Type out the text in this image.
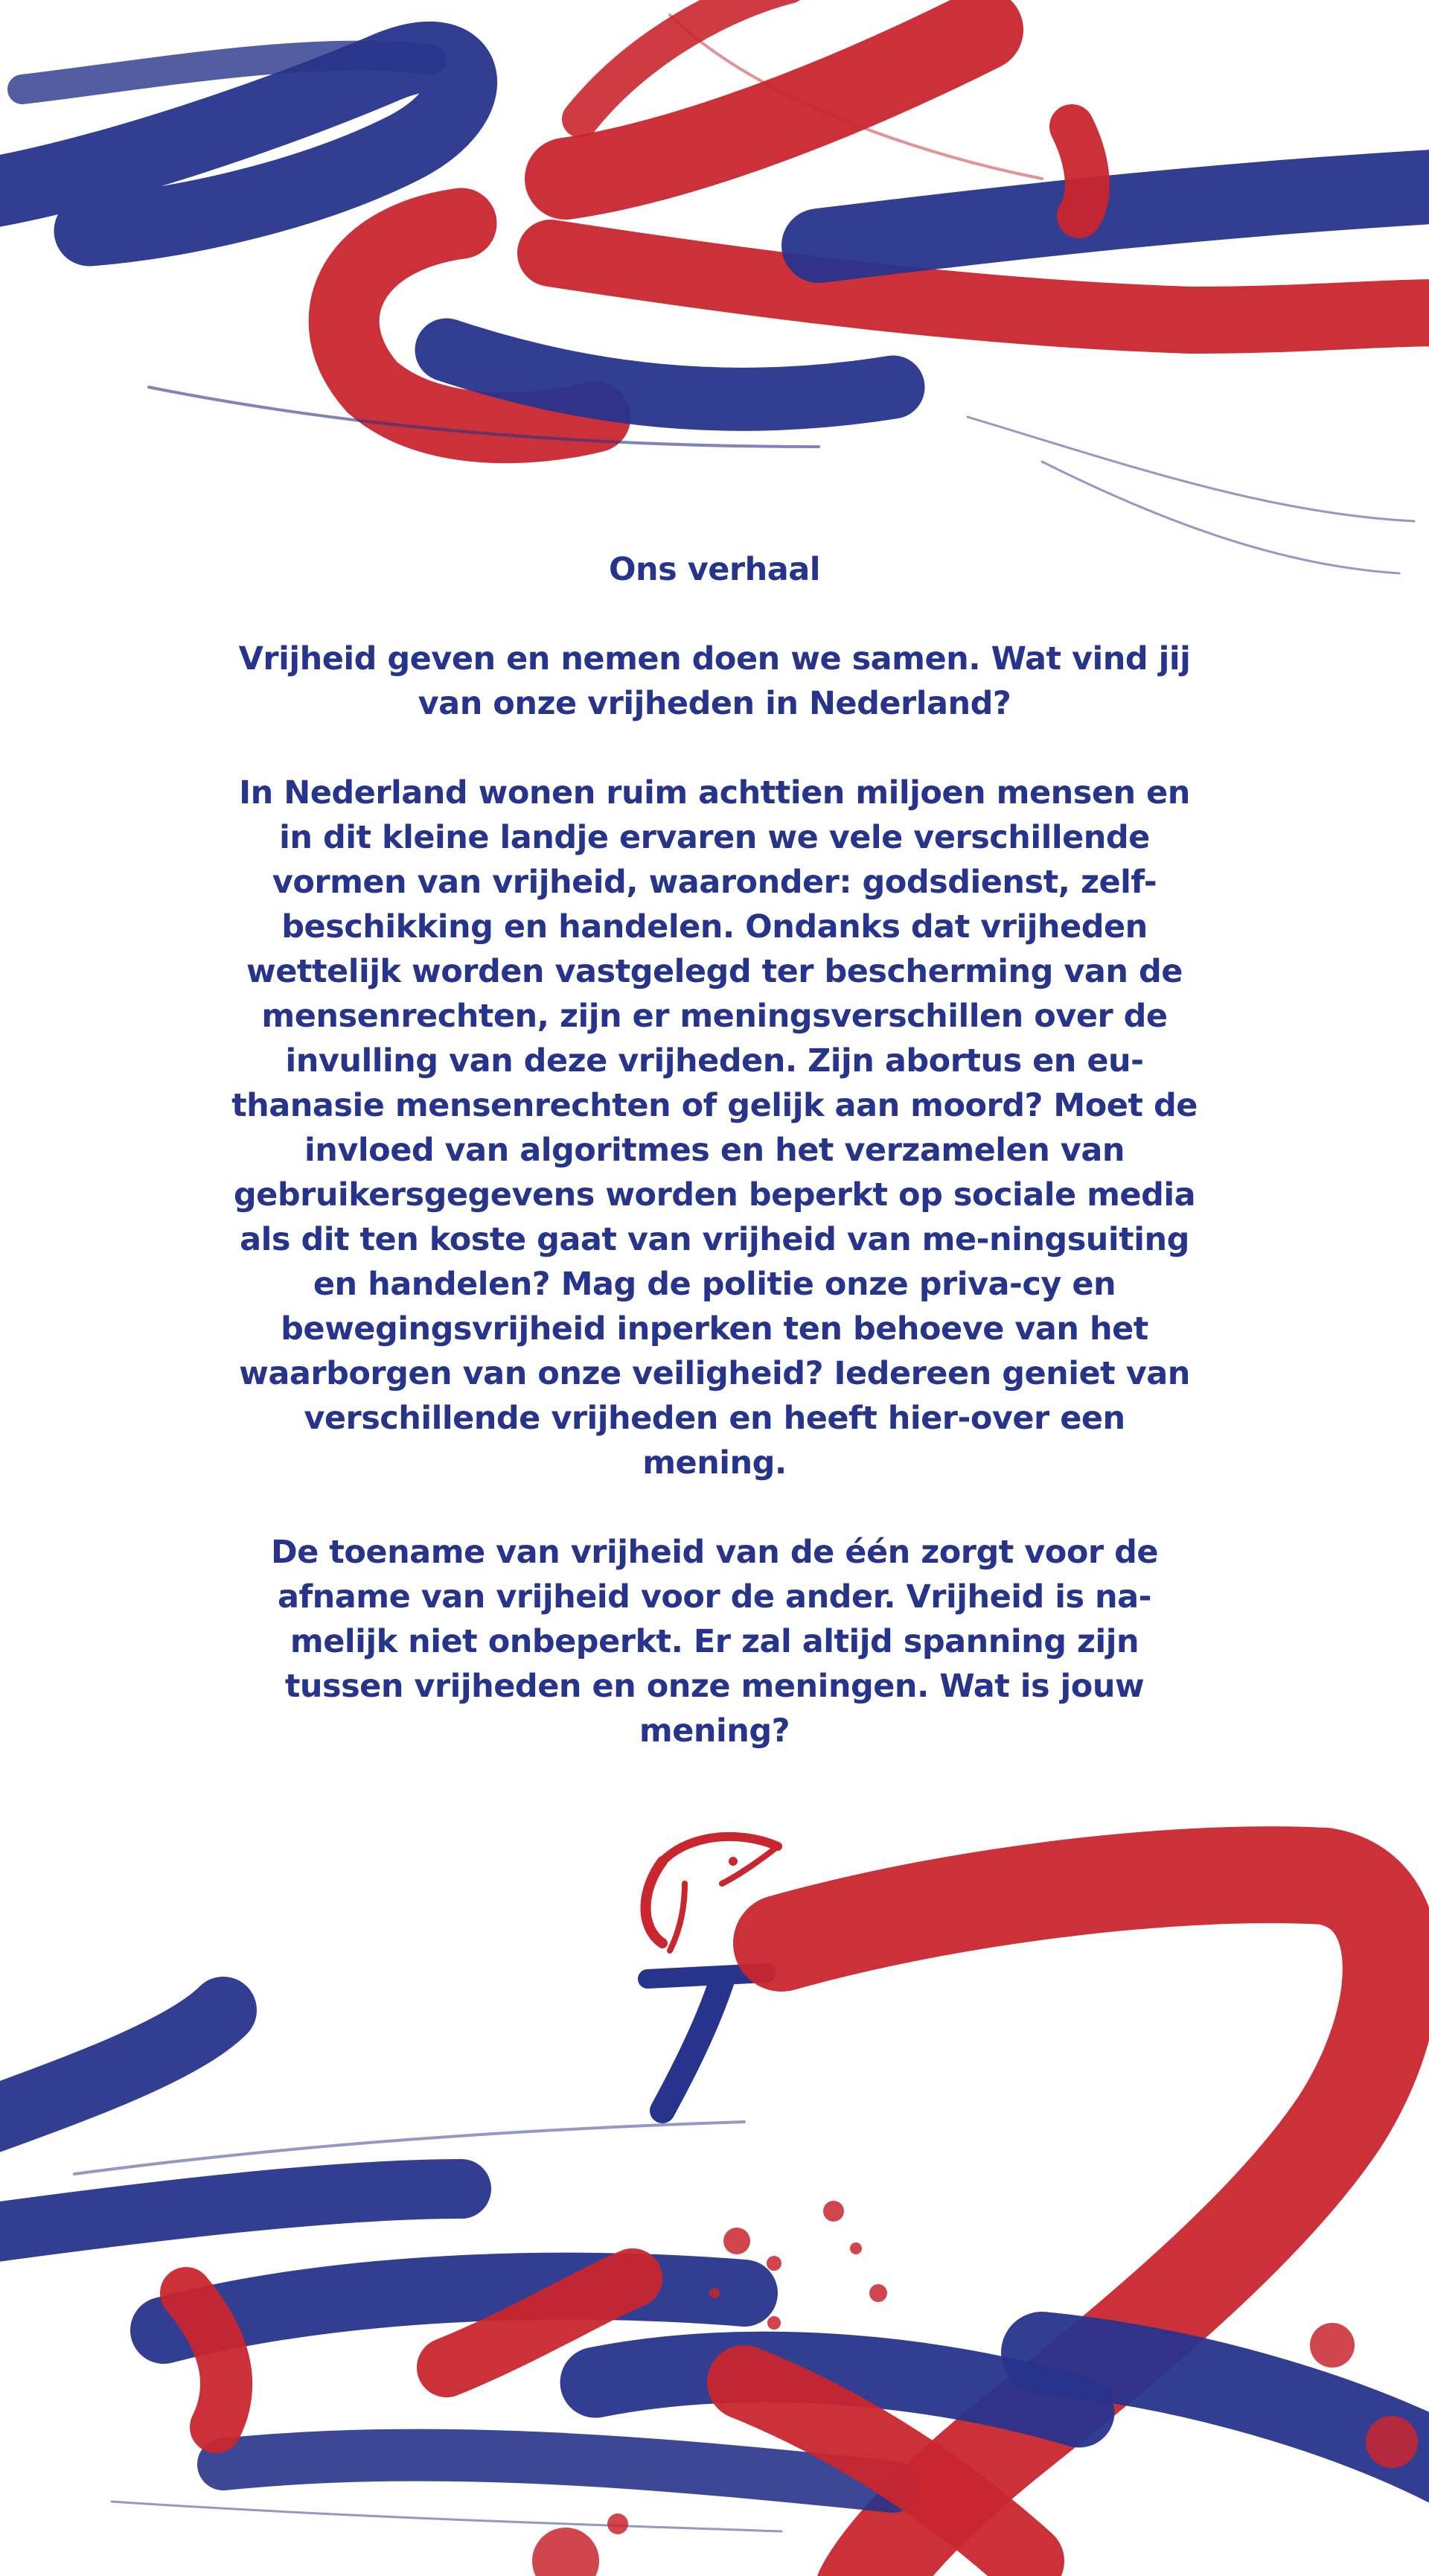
Ons verhaal

Vrijheid geven en nemen doen we samen. Wat vind jij van onze vrijheden in Nederland?

In Nederland wonen ruim achttien miljoen mensen en in dit kleine landje ervaren we vele verschillende vormen van vrijheid, waaronder: godsdienst, zelf-beschikking en handelen. Ondanks dat vrijheden wettelijk worden vastgelegd ter bescherming van de mensenrechten, zijn er meningsverschillen over de invulling van deze vrijheden. Zijn abortus en eu-thanasie mensenrechten of gelijk aan moord? Moet de invloed van algoritmes en het verzamelen van gebruikersgegevens worden beperkt op sociale media als dit ten koste gaat van vrijheid van me-ningsuiting en handelen? Mag de politie onze priva-cy en bewegingsvrijheid inperken ten behoeve van het waarborgen van onze veiligheid? Iedereen geniet van verschillende vrijheden en heeft hier-over een mening.

De toename van vrijheid van de één zorgt voor de afname van vrijheid voor de ander. Vrijheid is na-melijk niet onbeperkt. Er zal altijd spanning zijn tussen vrijheden en onze meningen. Wat is jouw mening?
